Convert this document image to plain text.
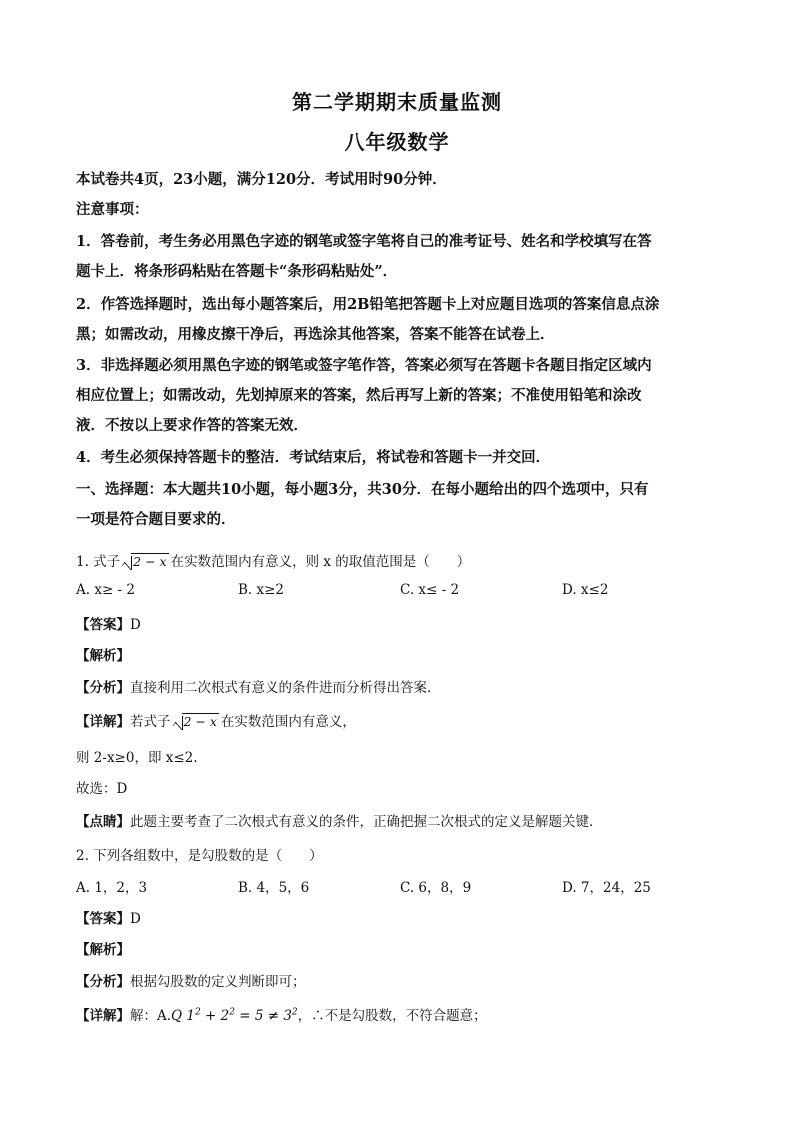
第二学期期末质量监测
八年级数学
本试卷共4页，23小题，满分120分．考试用时90分钟．
注意事项：
1．答卷前，考生务必用黑色字迹的钢笔或签字笔将自己的准考证号、姓名和学校填写在答
题卡上．将条形码粘贴在答题卡“条形码粘贴处”．
2．作答选择题时，选出每小题答案后，用2B铅笔把答题卡上对应题目选项的答案信息点涂
黑；如需改动，用橡皮擦干净后，再选涂其他答案，答案不能答在试卷上．
3．非选择题必须用黑色字迹的钢笔或签字笔作答，答案必须写在答题卡各题目指定区域内
相应位置上；如需改动，先划掉原来的答案，然后再写上新的答案；不准使用铅笔和涂改
液．不按以上要求作答的答案无效．
4．考生必须保持答题卡的整洁．考试结束后，将试卷和答题卡一并交回．
一、选择题：本大题共10小题，每小题3分，共30分．在每小题给出的四个选项中，只有
一项是符合题目要求的．
1. 式子 2 − x 在实数范围内有意义，则 x 的取值范围是（　　）
A. x≥ - 2	B. x≥2	C. x≤ - 2	D. x≤2
【答案】D
【解析】
【分析】直接利用二次根式有意义的条件进而分析得出答案．
【详解】若式子 2 − x 在实数范围内有意义，
则 2-x≥0，即 x≤2.
故选：D
【点睛】此题主要考查了二次根式有意义的条件，正确把握二次根式的定义是解题关键．
2. 下列各组数中，是勾股数的是（　　）
A. 1，2，3	B. 4，5，6	C. 6，8，9	D. 7，24，25
【答案】D
【解析】
【分析】根据勾股数的定义判断即可；
【详解】解：A.Q $1^2 + 2^2 = 5 \ne 3^2$，∴不是勾股数，不符合题意；
